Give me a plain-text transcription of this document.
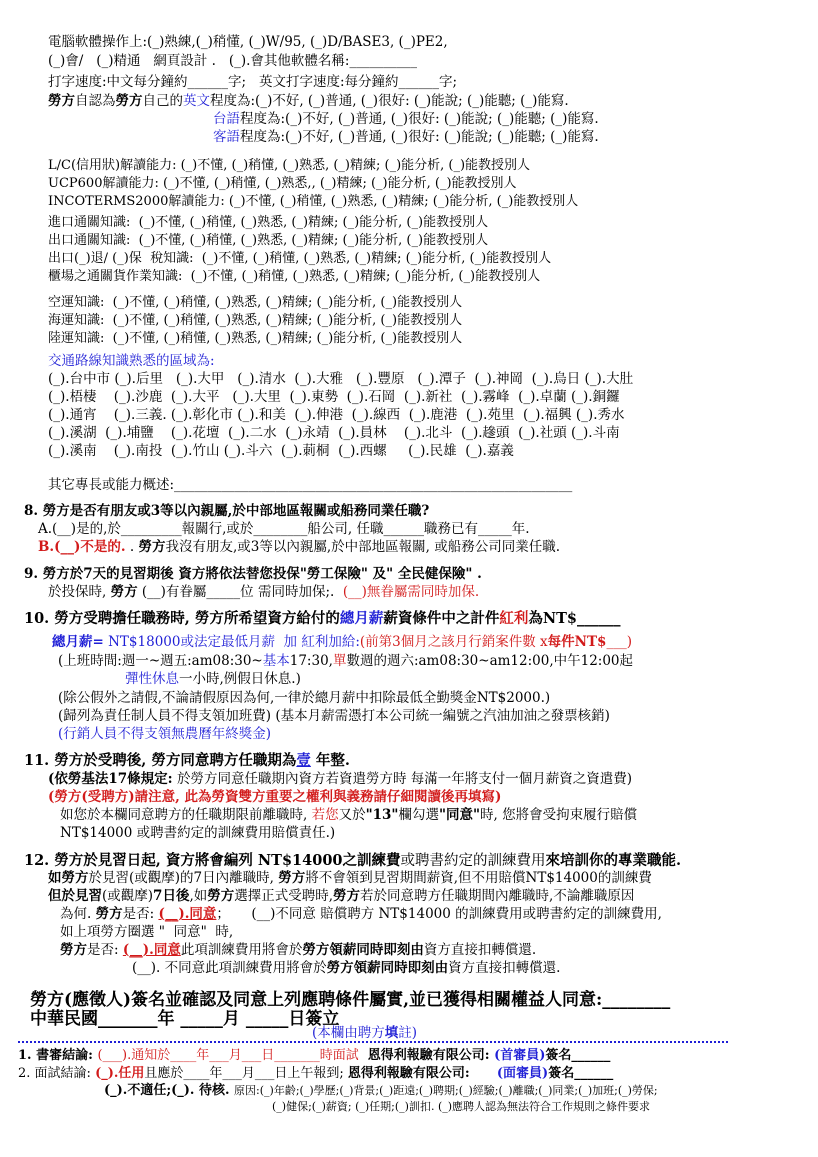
電腦軟體操作上:(_)熟練,(_)稍懂, (_)W/95, (_)D/BASE3, (_)PE2,
(_)會/   (_)精通   網頁設計 .   (_).會其他軟體名稱:__________
打字速度:中文每分鐘約______字;   英文打字速度:每分鐘約______字;
勞方自認為勞方自己的英文程度為:(_)不好, (_)普通, (_)很好: (_)能說; (_)能聽; (_)能寫.
台語程度為:(_)不好, (_)普通, (_)很好: (_)能說; (_)能聽; (_)能寫.
客語程度為:(_)不好, (_)普通, (_)很好: (_)能說; (_)能聽; (_)能寫.
L/C(信用狀)解讀能力: (_)不懂, (_)稍懂, (_)熟悉, (_)精練; (_)能分析, (_)能教授別人
UCP600解讀能力: (_)不懂, (_)稍懂, (_)熟悉,, (_)精練; (_)能分析, (_)能教授別人
INCOTERMS2000解讀能力: (_)不懂, (_)稍懂, (_)熟悉, (_)精練; (_)能分析, (_)能教授別人
進口通關知識:  (_)不懂, (_)稍懂, (_)熟悉, (_)精練; (_)能分析, (_)能教授別人
出口通關知識:  (_)不懂, (_)稍懂, (_)熟悉, (_)精練; (_)能分析, (_)能教授別人
出口(_)退/ (_)保  稅知識:  (_)不懂, (_)稍懂, (_)熟悉, (_)精練; (_)能分析, (_)能教授別人
櫃場之通關貨作業知識:  (_)不懂, (_)稍懂, (_)熟悉, (_)精練; (_)能分析, (_)能教授別人
空運知識:  (_)不懂, (_)稍懂, (_)熟悉, (_)精練; (_)能分析, (_)能教授別人
海運知識:  (_)不懂, (_)稍懂, (_)熟悉, (_)精練; (_)能分析, (_)能教授別人
陸運知識:  (_)不懂, (_)稍懂, (_)熟悉, (_)精練; (_)能分析, (_)能教授別人
交通路線知識熟悉的區域為:
(_).台中市 (_).后里   (_).大甲   (_).清水  (_).大雅   (_).豐原   (_).潭子  (_).神岡  (_).烏日 (_).大肚
(_).梧棲    (_).沙鹿  (_).大平   (_).大里  (_).東勢  (_).石岡  (_).新社  (_).霧峰  (_).卓蘭 (_).銅鑼
(_).通宵    (_).三義. (_).彰化市 (_).和美  (_).伸港  (_).線西  (_).鹿港  (_).苑里  (_).福興 (_).秀水
(_).溪湖  (_).埔鹽    (_).花壇  (_).二水  (_)永靖  (_).員林    (_).北斗  (_).䟃頭  (_).社頭 (_).斗南
(_).溪南    (_).南投  (_).竹山 (_).斗六  (_).莿桐  (_).西螺     (_).民雄  (_).嘉義
其它專長或能力概述:___________________________________________________________
8. 勞方是否有朋友或3等以內親屬,於中部地區報關或船務同業任職?
A.(__)是的,於_________報關行,或於________船公司, 任職______職務已有_____年.
B.(__)不是的. . 勞方我沒有朋友,或3等以內親屬,於中部地區報關, 或船務公司同業任職.
9. 勞方於7天的見習期後 資方將依法替您投保"勞工保險" 及" 全民健保險" .
於投保時, 勞方 (__)有眷屬_____位 需同時加保;.  (__)無眷屬需同時加保.
10. 勞方受聘擔任職務時, 勞方所希望資方給付的總月薪薪資條件中之計件紅利為NT$______
總月薪= NT$18000或法定最低月薪  加 紅利加給:(前第3個月之該月行銷案件數 x每件NT$___)
(上班時間:週一~週五:am08:30~基本17:30,單數週的週六:am08:30~am12:00,中午12:00起
彈性休息一小時,例假日休息.)
(除公假外之請假,不論請假原因為何,一律於總月薪中扣除最低全勤獎金NT$2000.)
(歸列為責任制人員不得支領加班費) (基本月薪需憑打本公司統一編號之汽油加油之發票核銷)
(行銷人員不得支領無農曆年終獎金)
11. 勞方於受聘後, 勞方同意聘方任職期為壹 年整.
(依勞基法17條規定: 於勞方同意任職期內資方若資遣勞方時 每滿一年將支付一個月薪資之資遣費)
(勞方(受聘方)請注意, 此為勞資雙方重要之權利與義務請仔細閱讀後再填寫)
如您於本欄同意聘方的任職期限前離職時, 若您又於"13"欄勾選"同意"時, 您將會受拘束履行賠償
NT$14000 或聘書約定的訓練費用賠償責任.)
12. 勞方於見習日起, 資方將會編列 NT$14000之訓練費或聘書約定的訓練費用來培訓你的專業職能.
如勞方於見習(或觀摩)的7日內離職時, 勞方將不會領到見習期間薪資,但不用賠償NT$14000的訓練費
但於見習(或觀摩)7日後,如勞方選擇正式受聘時,勞方若於同意聘方任職期間內離職時,不論離職原因
為何. 勞方是否: (__).同意；     (__)不同意 賠償聘方 NT$14000 的訓練費用或聘書約定的訓練費用,
如上項勞方圈選 "  同意"  時,
勞方是否: (__).同意此項訓練費用將會於勞方領薪同時即刻由資方直接扣轉償還.
(__). 不同意此項訓練費用將會於勞方領薪同時即刻由資方直接扣轉償還.
勞方(應徵人)簽名並確認及同意上列應聘條件屬實,並已獲得相關權益人同意:________
中華民國_______年 _____月 _____日簽立
(本欄由聘方填註)
1. 書審結論: (___).通知於____年___月___日_______時面試  恩得利報驗有限公司: (首審員)簽名______
2. 面試結論: (_).任用且應於____年___月___日上午報到; 恩得利報驗有限公司:      (面審員)簽名______
(_).不適任;(_). 待核. 原因:(_)年齡;(_)學歷;(_)背景;(_)距遠;(_)聘期;(_)經驗;(_)離職;(_)同業;(_)加班;(_)勞保;
(_)健保;(_)薪資; (_)任期;(_)訓扣. (_)應聘人認為無法符合工作規則之條件要求
